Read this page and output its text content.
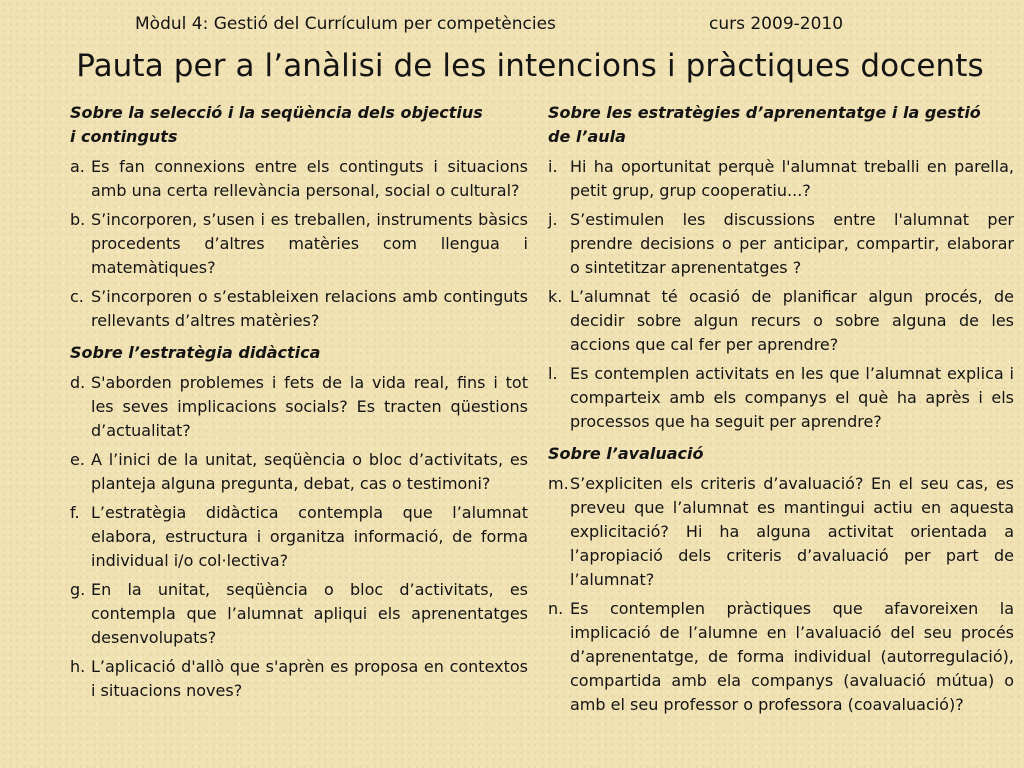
Mòdul 4: Gestió del Currículum per competències	curs 2009-2010
Pauta per a l’anàlisi de les intencions i pràctiques docents
Sobre la selecció i la seqüència dels objectius
i continguts
a. Es fan connexions entre els continguts i situacions amb una certa rellevància personal, social o cultural?
b. S’incorporen, s’usen i es treballen, instruments bàsics procedents d’altres matèries com llengua i matemàtiques?
c. S’incorporen o s’estableixen relacions amb continguts rellevants d’altres matèries?
Sobre l’estratègia didàctica
d. S'aborden problemes i fets de la vida real, fins i tot les seves implicacions socials? Es tracten qüestions d’actualitat?
e. A l’inici de la unitat, seqüència o bloc d’activitats, es planteja alguna pregunta, debat, cas o testimoni?
f. L’estratègia didàctica contempla que l’alumnat elabora, estructura i organitza informació, de forma individual i/o col·lectiva?
g. En la unitat, seqüència o bloc d’activitats, es contempla que l’alumnat apliqui els aprenentatges desenvolupats?
h. L’aplicació d'allò que s'aprèn es proposa en contextos i situacions noves?
Sobre les estratègies d’aprenentatge i la gestió
de l’aula
i. Hi ha oportunitat perquè l'alumnat treballi en parella, petit grup, grup cooperatiu...?
j. S’estimulen les discussions entre l'alumnat per prendre decisions o per anticipar, compartir, elaborar o sintetitzar aprenentatges ?
k. L’alumnat té ocasió de planificar algun procés, de decidir sobre algun recurs o sobre alguna de les accions que cal fer per aprendre?
l. Es contemplen activitats en les que l’alumnat explica i comparteix amb els companys el què ha après i els processos que ha seguit per aprendre?
Sobre l’avaluació
m. S’expliciten els criteris d’avaluació? En el seu cas, es preveu que l’alumnat es mantingui actiu en aquesta explicitació? Hi ha alguna activitat orientada a l’apropiació dels criteris d’avaluació per part de l’alumnat?
n. Es contemplen pràctiques que afavoreixen la implicació de l’alumne en l’avaluació del seu procés d’aprenentatge, de forma individual (autorregulació), compartida amb ela companys (avaluació mútua) o amb el seu professor o professora (coavaluació)?
